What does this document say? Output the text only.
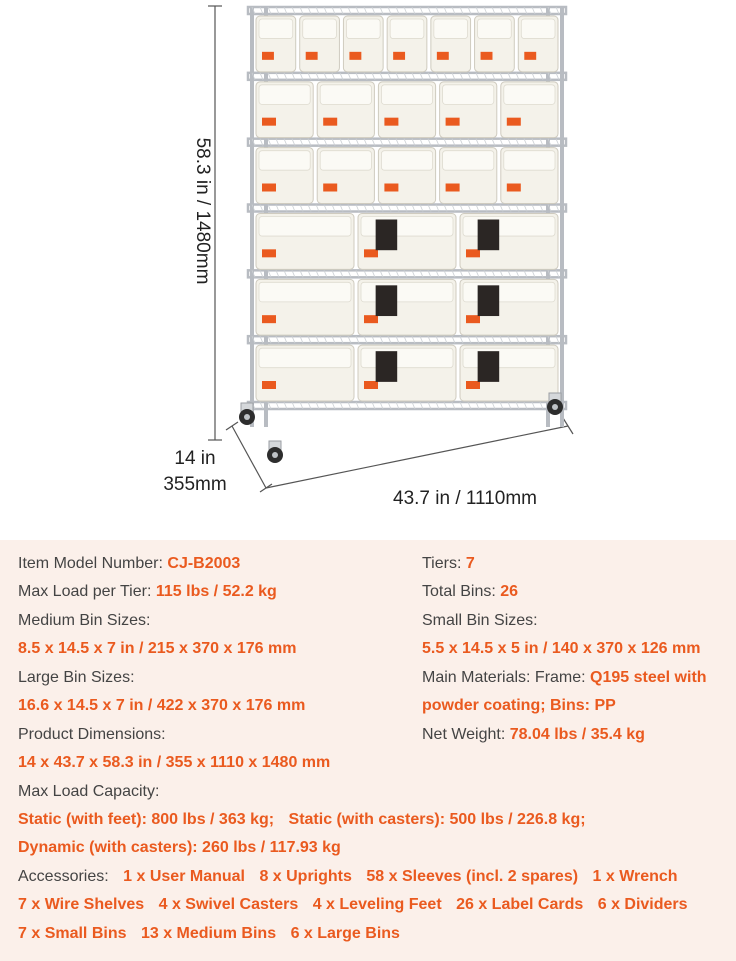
58.3 in / 1480mm
14 in
355mm
43.7 in / 1110mm
Item Model Number: CJ-B2003	Tiers: 7
Max Load per Tier: 115 lbs / 52.2 kg	Total Bins: 26
Medium Bin Sizes:	Small Bin Sizes:
8.5 x 14.5 x 7 in / 215 x 370 x 176 mm	5.5 x 14.5 x 5 in / 140 x 370 x 126 mm
Large Bin Sizes:	Main Materials: Frame: Q195 steel with
16.6 x 14.5 x 7 in / 422 x 370 x 176 mm	powder coating; Bins: PP
Product Dimensions:	Net Weight: 78.04 lbs / 35.4 kg
14 x 43.7 x 58.3 in / 355 x 1110 x 1480 mm
Max Load Capacity:
Static (with feet): 800 lbs / 363 kg; Static (with casters): 500 lbs / 226.8 kg;
Dynamic (with casters): 260 lbs / 117.93 kg
Accessories: 1 x User Manual 8 x Uprights 58 x Sleeves (incl. 2 spares) 1 x Wrench
7 x Wire Shelves 4 x Swivel Casters 4 x Leveling Feet 26 x Label Cards 6 x Dividers
7 x Small Bins 13 x Medium Bins 6 x Large Bins
